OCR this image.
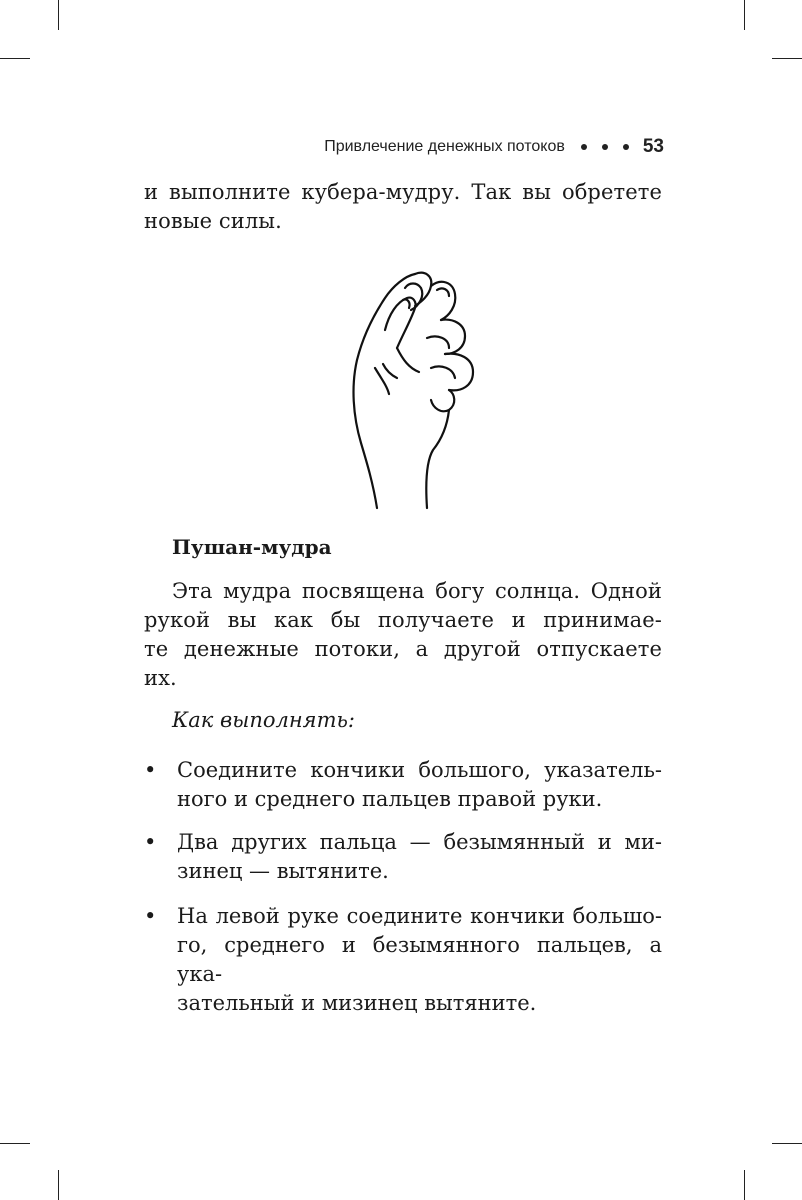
Привлечение денежных потоков	53

и выполните кубера-мудру. Так вы обретете

новые силы.

Пушан-мудра

Эта мудра посвящена богу солнца. Одной

рукой вы как бы получаете и принимае-

те денежные потоки, а другой отпускаете

их.

Как выполнять:

• Соедините кончики большого, указатель-
ного и среднего пальцев правой руки.
• Два других пальца — безымянный и ми-
зинец — вытяните.
• На левой руке соедините кончики большо-
го, среднего и безымянного пальцев, а ука-
зательный и мизинец вытяните.
